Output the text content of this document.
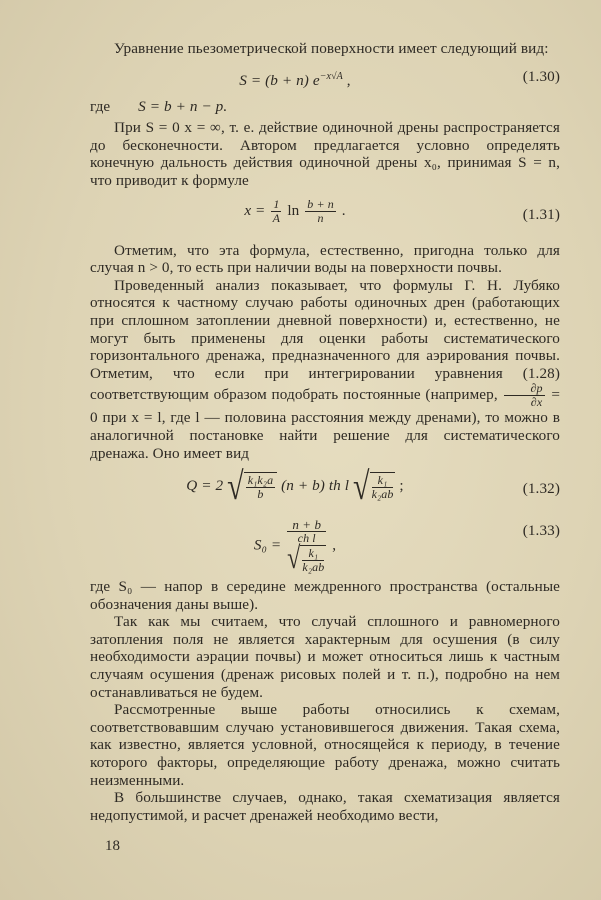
Уравнение пьезометрической поверхности имеет следующий вид:

S = (b + n) $e^{-x√A}$ ,	(1.30)

где S = b + n − p.

При S = 0 x = ∞, т. е. действие одиночной дрены распространяется до бесконечности. Автором предлагается условно определять конечную дальность действия одиночной дрены x₀, принимая S = n, что приводит к формуле

$x = \frac{1}{A}$ $\ln \frac{b + n}{n}$ .	(1.31)

Отметим, что эта формула, естественно, пригодна только для случая n > 0, то есть при наличии воды на поверхности почвы.

Проведенный анализ показывает, что формулы Г. Н. Лубяко относятся к частному случаю работы одиночных дрен (работающих при сплошном затоплении дневной поверхности) и, естественно, не могут быть применены для оценки работы систематического горизонтального дренажа, предназначенного для аэрирования почвы. Отметим, что если при интегрировании уравнения (1.28) соответствующим образом подобрать постоянные (например, $\frac{\partial p}{\partial x} = 0$ при x = l, где l — половина расстояния между дренами), то можно в аналогичной постановке найти решение для систематического дренажа. Оно имеет вид

Q = 2 √ $\frac{\text{k₁k₂a}}{b} (n + b)$ th l √ $\frac{\text{k₁}}{\text{k₂ab}}$ ;	(1.32)
S₀ =
n + b
ch l
√ k₁
k₂ab
,
(1.33)

где S₀ — напор в середине междренного пространства (остальные обозначения даны выше).

Так как мы считаем, что случай сплошного и равномерного затопления поля не является характерным для осушения (в силу необходимости аэрации почвы) и может относиться лишь к частным случаям осушения (дренаж рисовых полей и т. п.), подробно на нем останавливаться не будем.

Рассмотренные выше работы относились к схемам, соответствовавшим случаю установившегося движения. Такая схема, как известно, является условной, относящейся к периоду, в течение которого факторы, определяющие работу дренажа, можно считать неизменными.

В большинстве случаев, однако, такая схематизация является недопустимой, и расчет дренажей необходимо вести,

18
